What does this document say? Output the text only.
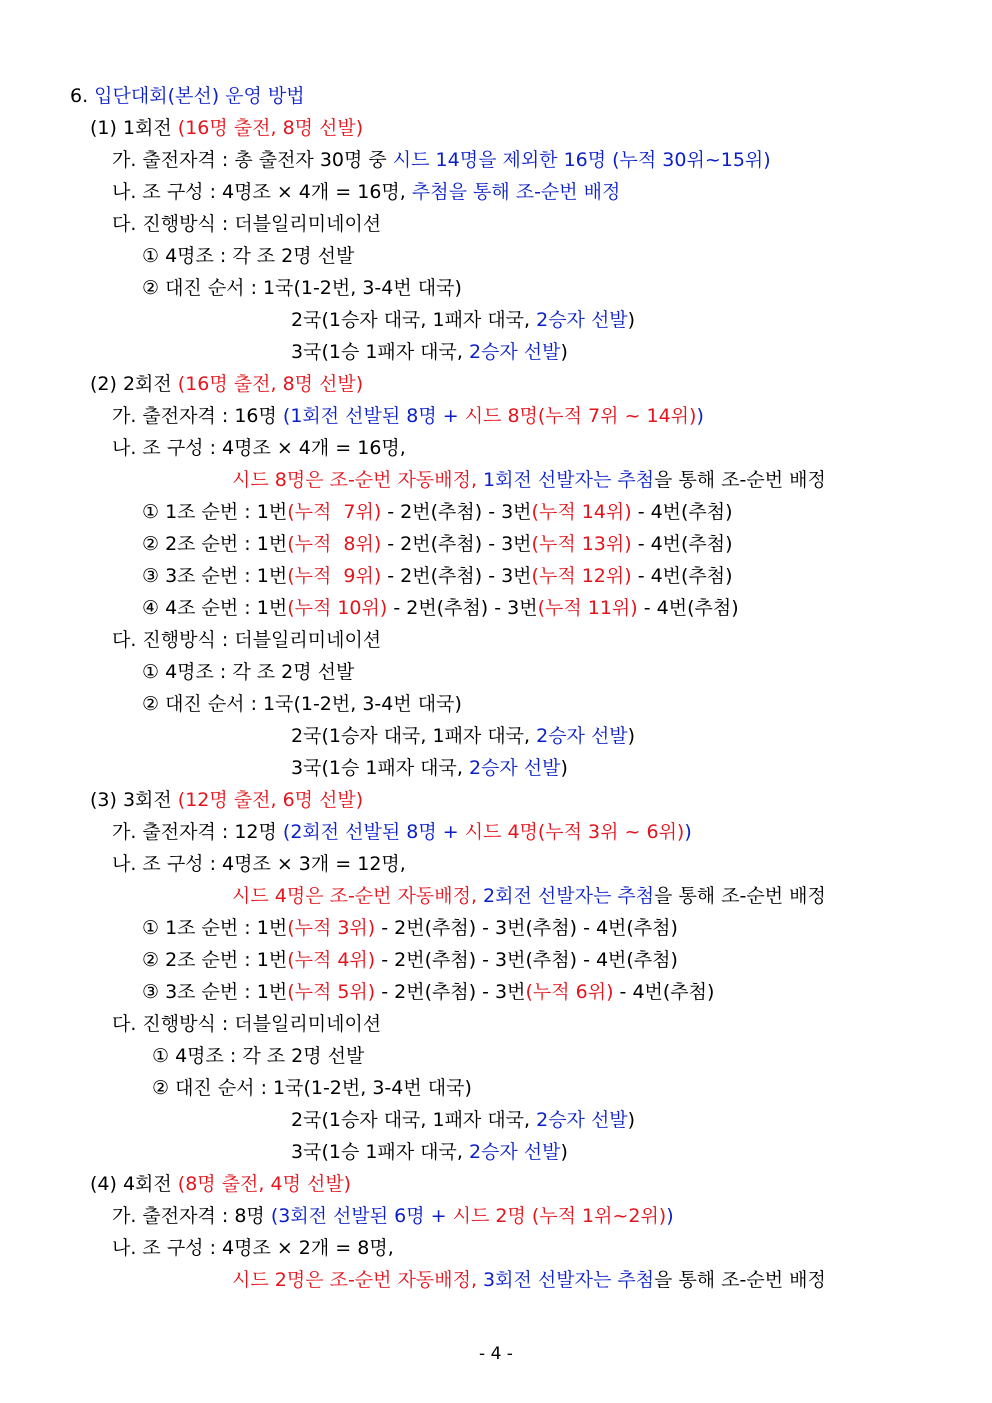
6. 입단대회(본선) 운영 방법
(1) 1회전 (16명 출전, 8명 선발)
가. 출전자격 : 총 출전자 30명 중 시드 14명을 제외한 16명 (누적 30위~15위)
나. 조 구성 : 4명조 × 4개 = 16명, 추첨을 통해 조-순번 배정
다. 진행방식 : 더블일리미네이션
① 4명조 : 각 조 2명 선발
② 대진 순서 : 1국(1-2번, 3-4번 대국)
2국(1승자 대국, 1패자 대국, 2승자 선발)
3국(1승 1패자 대국, 2승자 선발)
(2) 2회전 (16명 출전, 8명 선발)
가. 출전자격 : 16명 (1회전 선발된 8명 + 시드 8명(누적 7위 ~ 14위))
나. 조 구성 : 4명조 × 4개 = 16명,
시드 8명은 조-순번 자동배정, 1회전 선발자는 추첨을 통해 조-순번 배정
① 1조 순번 : 1번(누적  7위) - 2번(추첨) - 3번(누적 14위) - 4번(추첨)
② 2조 순번 : 1번(누적  8위) - 2번(추첨) - 3번(누적 13위) - 4번(추첨)
③ 3조 순번 : 1번(누적  9위) - 2번(추첨) - 3번(누적 12위) - 4번(추첨)
④ 4조 순번 : 1번(누적 10위) - 2번(추첨) - 3번(누적 11위) - 4번(추첨)
다. 진행방식 : 더블일리미네이션
① 4명조 : 각 조 2명 선발
② 대진 순서 : 1국(1-2번, 3-4번 대국)
2국(1승자 대국, 1패자 대국, 2승자 선발)
3국(1승 1패자 대국, 2승자 선발)
(3) 3회전 (12명 출전, 6명 선발)
가. 출전자격 : 12명 (2회전 선발된 8명 + 시드 4명(누적 3위 ~ 6위))
나. 조 구성 : 4명조 × 3개 = 12명,
시드 4명은 조-순번 자동배정, 2회전 선발자는 추첨을 통해 조-순번 배정
① 1조 순번 : 1번(누적 3위) - 2번(추첨) - 3번(추첨) - 4번(추첨)
② 2조 순번 : 1번(누적 4위) - 2번(추첨) - 3번(추첨) - 4번(추첨)
③ 3조 순번 : 1번(누적 5위) - 2번(추첨) - 3번(누적 6위) - 4번(추첨)
다. 진행방식 : 더블일리미네이션
① 4명조 : 각 조 2명 선발
② 대진 순서 : 1국(1-2번, 3-4번 대국)
2국(1승자 대국, 1패자 대국, 2승자 선발)
3국(1승 1패자 대국, 2승자 선발)
(4) 4회전 (8명 출전, 4명 선발)
가. 출전자격 : 8명 (3회전 선발된 6명 + 시드 2명 (누적 1위~2위))
나. 조 구성 : 4명조 × 2개 = 8명,
시드 2명은 조-순번 자동배정, 3회전 선발자는 추첨을 통해 조-순번 배정
- 4 -
